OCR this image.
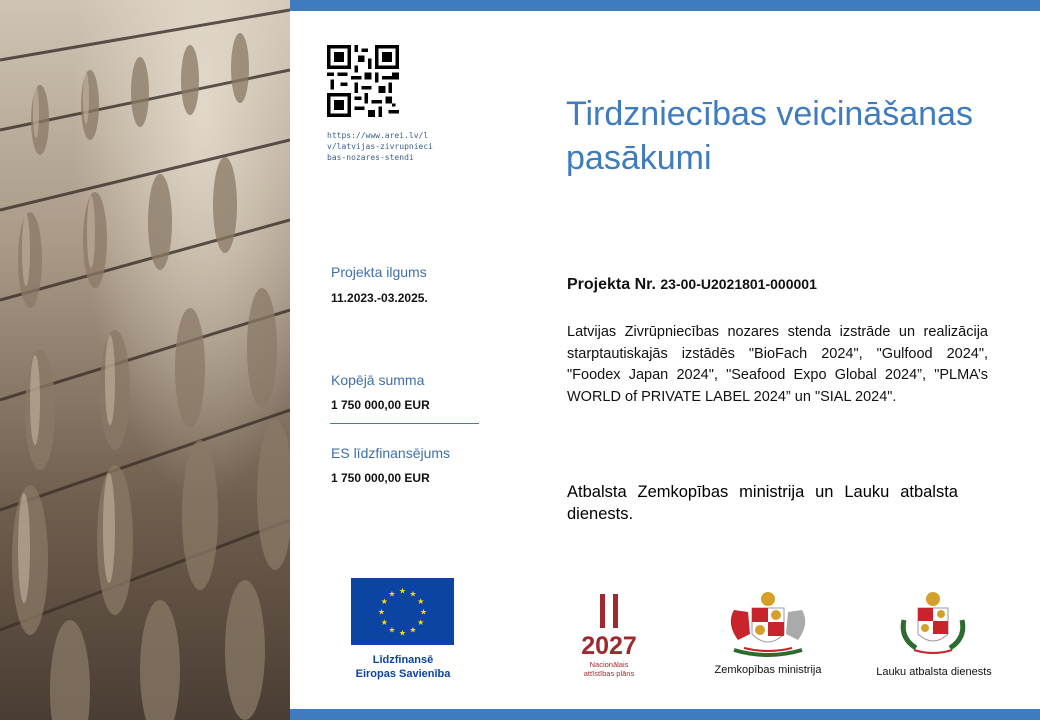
https://www.arei.lv/lv/latvijas-zivrupniecibas-nozares-stendi
Tirdzniecības veicināšanas pasākumi
Projekta ilgums
11.2023.-03.2025.
Kopējā summa
1 750 000,00 EUR
ES līdzfinansējums
1 750 000,00 EUR
Projekta Nr. 23-00-U2021801-000001
Latvijas Zivrūpniecības nozares stenda izstrāde un realizācija starptautiskajās izstādēs "BioFach 2024", "Gulfood 2024", "Foodex Japan 2024", "Seafood Expo Global 2024”, "PLMA’s WORLD of PRIVATE LABEL 2024” un "SIAL 2024".
Atbalsta Zemkopības ministrija un Lauku atbalsta dienests.
★ ★
★
★
★
★
★
★
★
★
★
★
Līdzfinansē
Eiropas Savienība
2027
Nacionālais
attīstības plāns	Zemkopības ministrija	Lauku atbalsta dienests
